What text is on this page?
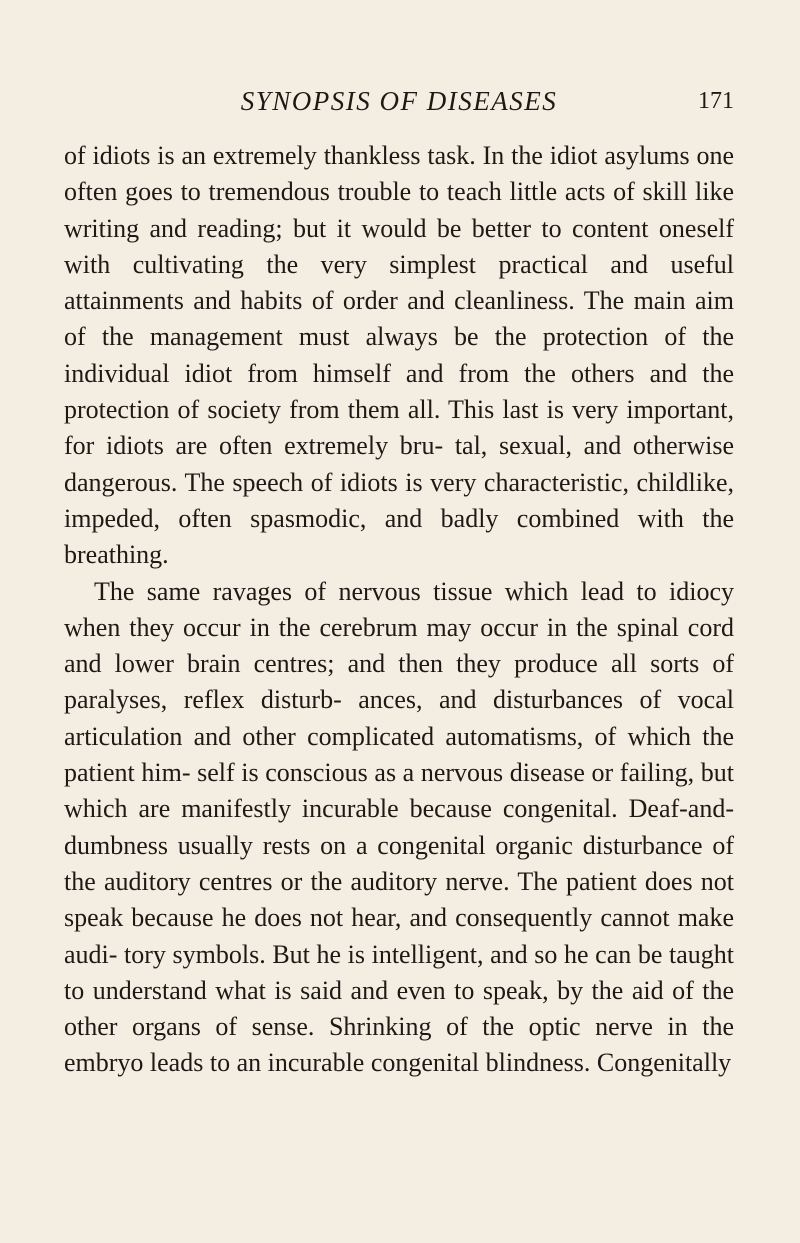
SYNOPSIS OF DISEASES	171

of idiots is an extremely thankless task. In the idiot asylums one often goes to tremendous trouble to teach little acts of skill like writing and reading; but it would be better to content oneself with cultivating the very simplest practical and useful attainments and habits of order and cleanliness. The main aim of the management must always be the protection of the individual idiot from himself and from the others and the protection of society from them all. This last is very important, for idiots are often extremely bru- tal, sexual, and otherwise dangerous. The speech of idiots is very characteristic, childlike, impeded, often spasmodic, and badly combined with the breathing.

The same ravages of nervous tissue which lead to idiocy when they occur in the cerebrum may occur in the spinal cord and lower brain centres; and then they produce all sorts of paralyses, reflex disturb- ances, and disturbances of vocal articulation and other complicated automatisms, of which the patient him- self is conscious as a nervous disease or failing, but which are manifestly incurable because congenital. Deaf-and-dumbness usually rests on a congenital organic disturbance of the auditory centres or the auditory nerve. The patient does not speak because he does not hear, and consequently cannot make audi- tory symbols. But he is intelligent, and so he can be taught to understand what is said and even to speak, by the aid of the other organs of sense. Shrinking of the optic nerve in the embryo leads to an incurable congenital blindness. Congenitally
